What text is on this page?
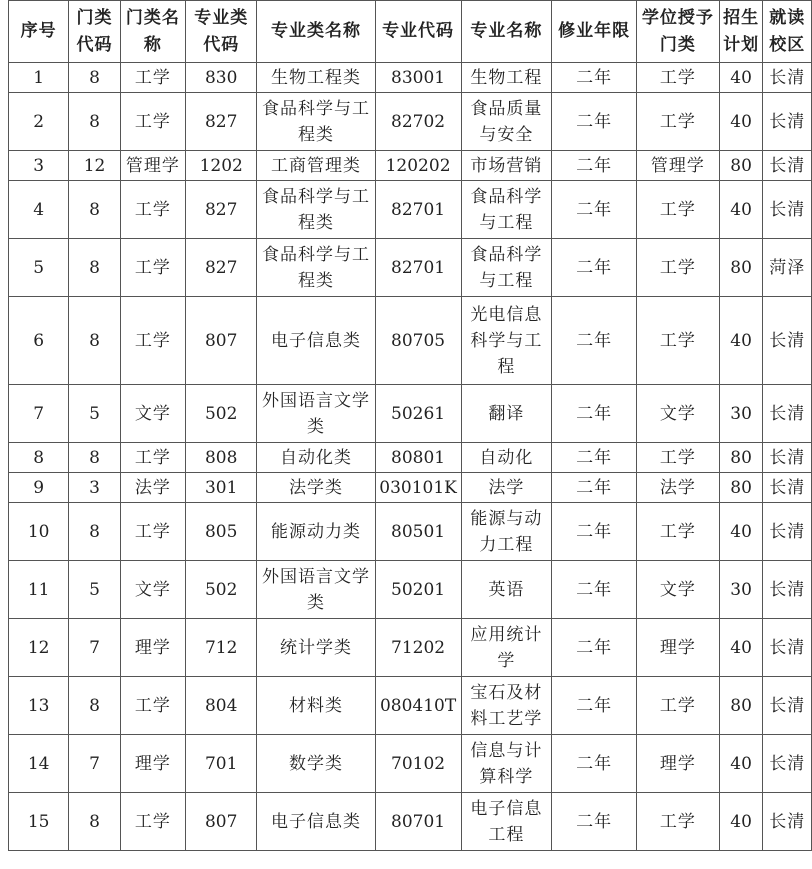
序号	门类代码	门类名称	专业类代码	专业类名称	专业代码	专业名称	修业年限	学位授予门类	招生计划	就读校区
1	8	工学	830	生物工程类	83001	生物工程	二年	工学	40	长清
2	8	工学	827	食品科学与工程类	82702	食品质量与安全	二年	工学	40	长清
3	12	管理学	1202	工商管理类	120202	市场营销	二年	管理学	80	长清
4	8	工学	827	食品科学与工程类	82701	食品科学与工程	二年	工学	40	长清
5	8	工学	827	食品科学与工程类	82701	食品科学与工程	二年	工学	80	菏泽
6	8	工学	807	电子信息类	80705	光电信息科学与工程	二年	工学	40	长清
7	5	文学	502	外国语言文学类	50261	翻译	二年	文学	30	长清
8	8	工学	808	自动化类	80801	自动化	二年	工学	80	长清
9	3	法学	301	法学类	030101K	法学	二年	法学	80	长清
10	8	工学	805	能源动力类	80501	能源与动力工程	二年	工学	40	长清
11	5	文学	502	外国语言文学类	50201	英语	二年	文学	30	长清
12	7	理学	712	统计学类	71202	应用统计学	二年	理学	40	长清
13	8	工学	804	材料类	080410T	宝石及材料工艺学	二年	工学	80	长清
14	7	理学	701	数学类	70102	信息与计算科学	二年	理学	40	长清
15	8	工学	807	电子信息类	80701	电子信息工程	二年	工学	40	长清
